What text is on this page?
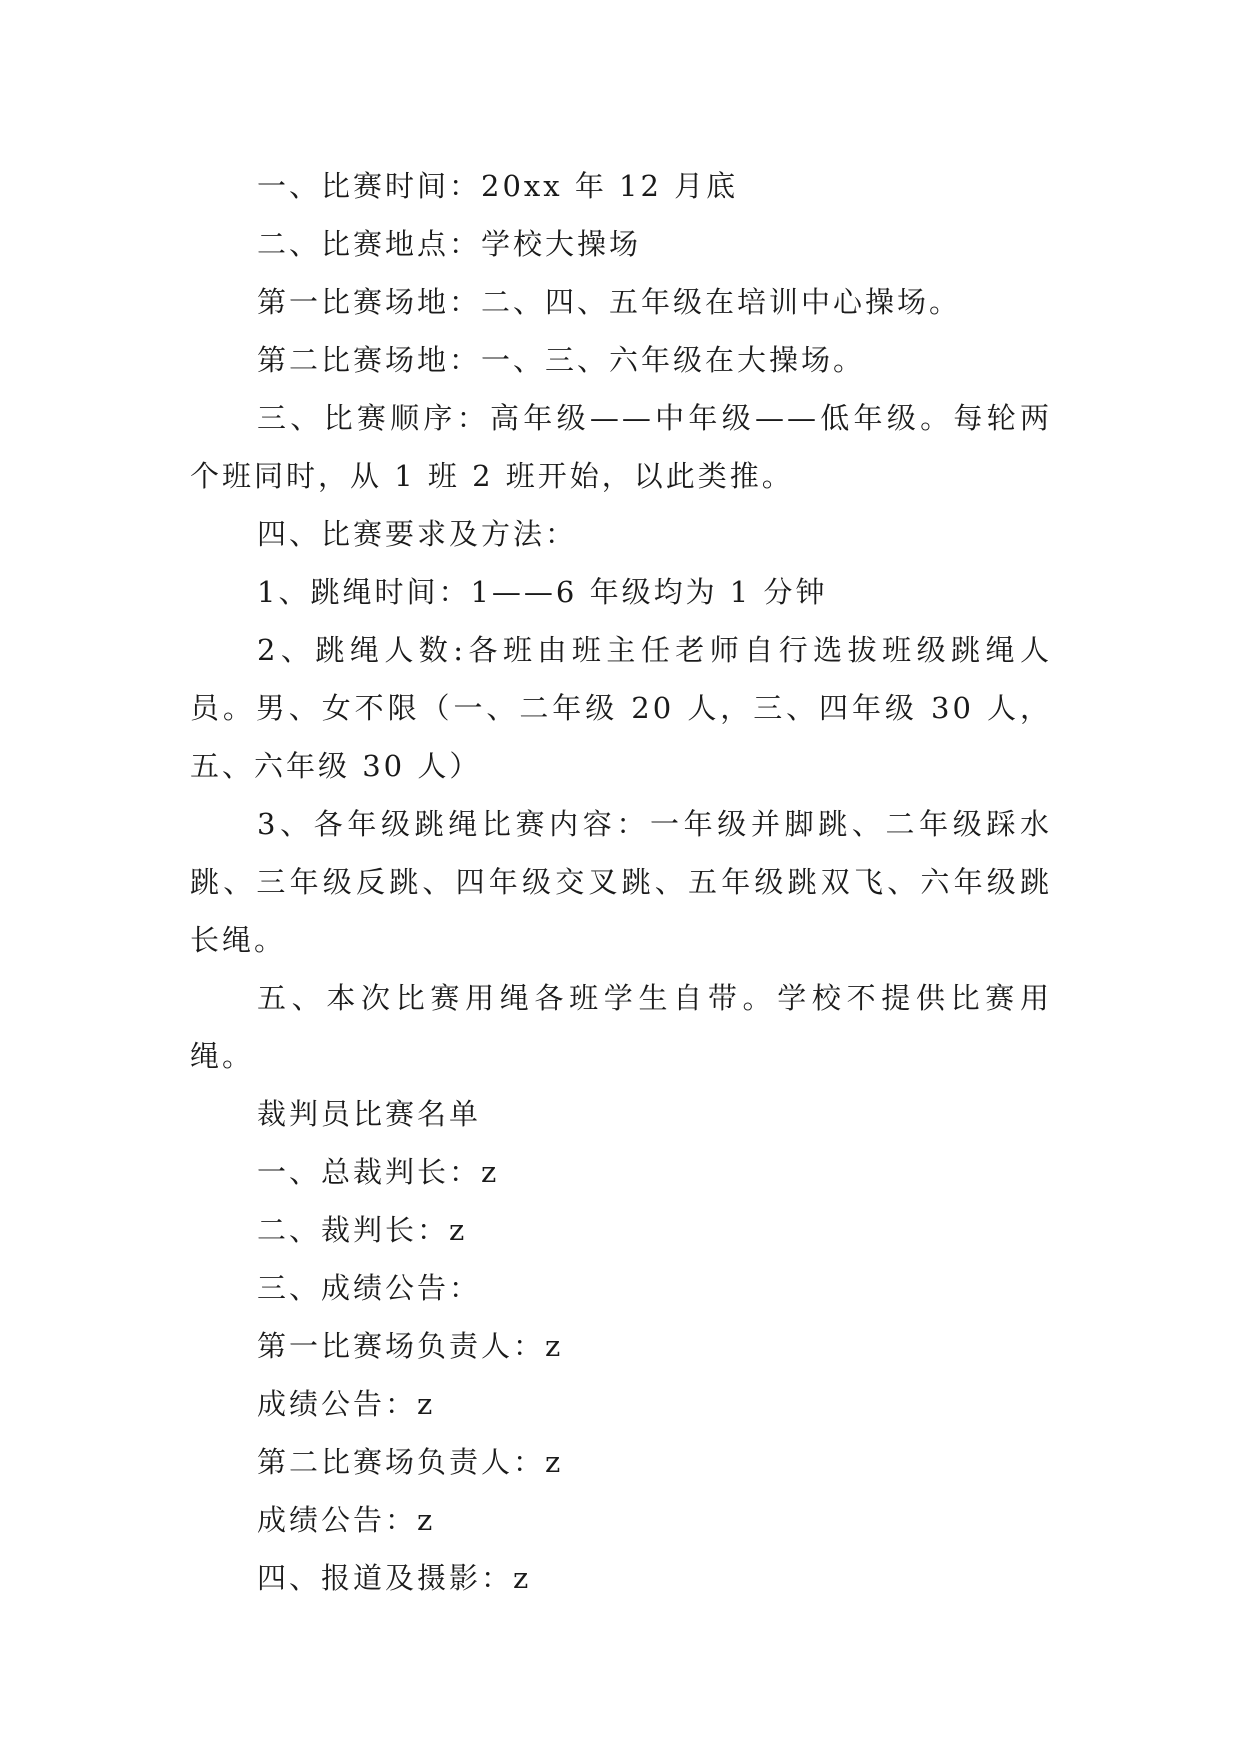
一、比赛时间：20xx 年 12 月底

二、比赛地点：学校大操场

第一比赛场地：二、四、五年级在培训中心操场。

第二比赛场地：一、三、六年级在大操场。

三、比赛顺序：高年级——中年级——低年级。每轮两个班同时，从 1 班 2 班开始，以此类推。

四、比赛要求及方法：

1、跳绳时间：1——6 年级均为 1 分钟

2、跳绳人数:各班由班主任老师自行选拔班级跳绳人员。男、女不限（一、二年级 20 人，三、四年级 30 人，五、六年级 30 人）

3、各年级跳绳比赛内容：一年级并脚跳、二年级踩水跳、三年级反跳、四年级交叉跳、五年级跳双飞、六年级跳长绳。

五、本次比赛用绳各班学生自带。学校不提供比赛用绳。

裁判员比赛名单

一、总裁判长：z

二、裁判长：z

三、成绩公告：

第一比赛场负责人：z

成绩公告：z

第二比赛场负责人：z

成绩公告：z

四、报道及摄影：z
